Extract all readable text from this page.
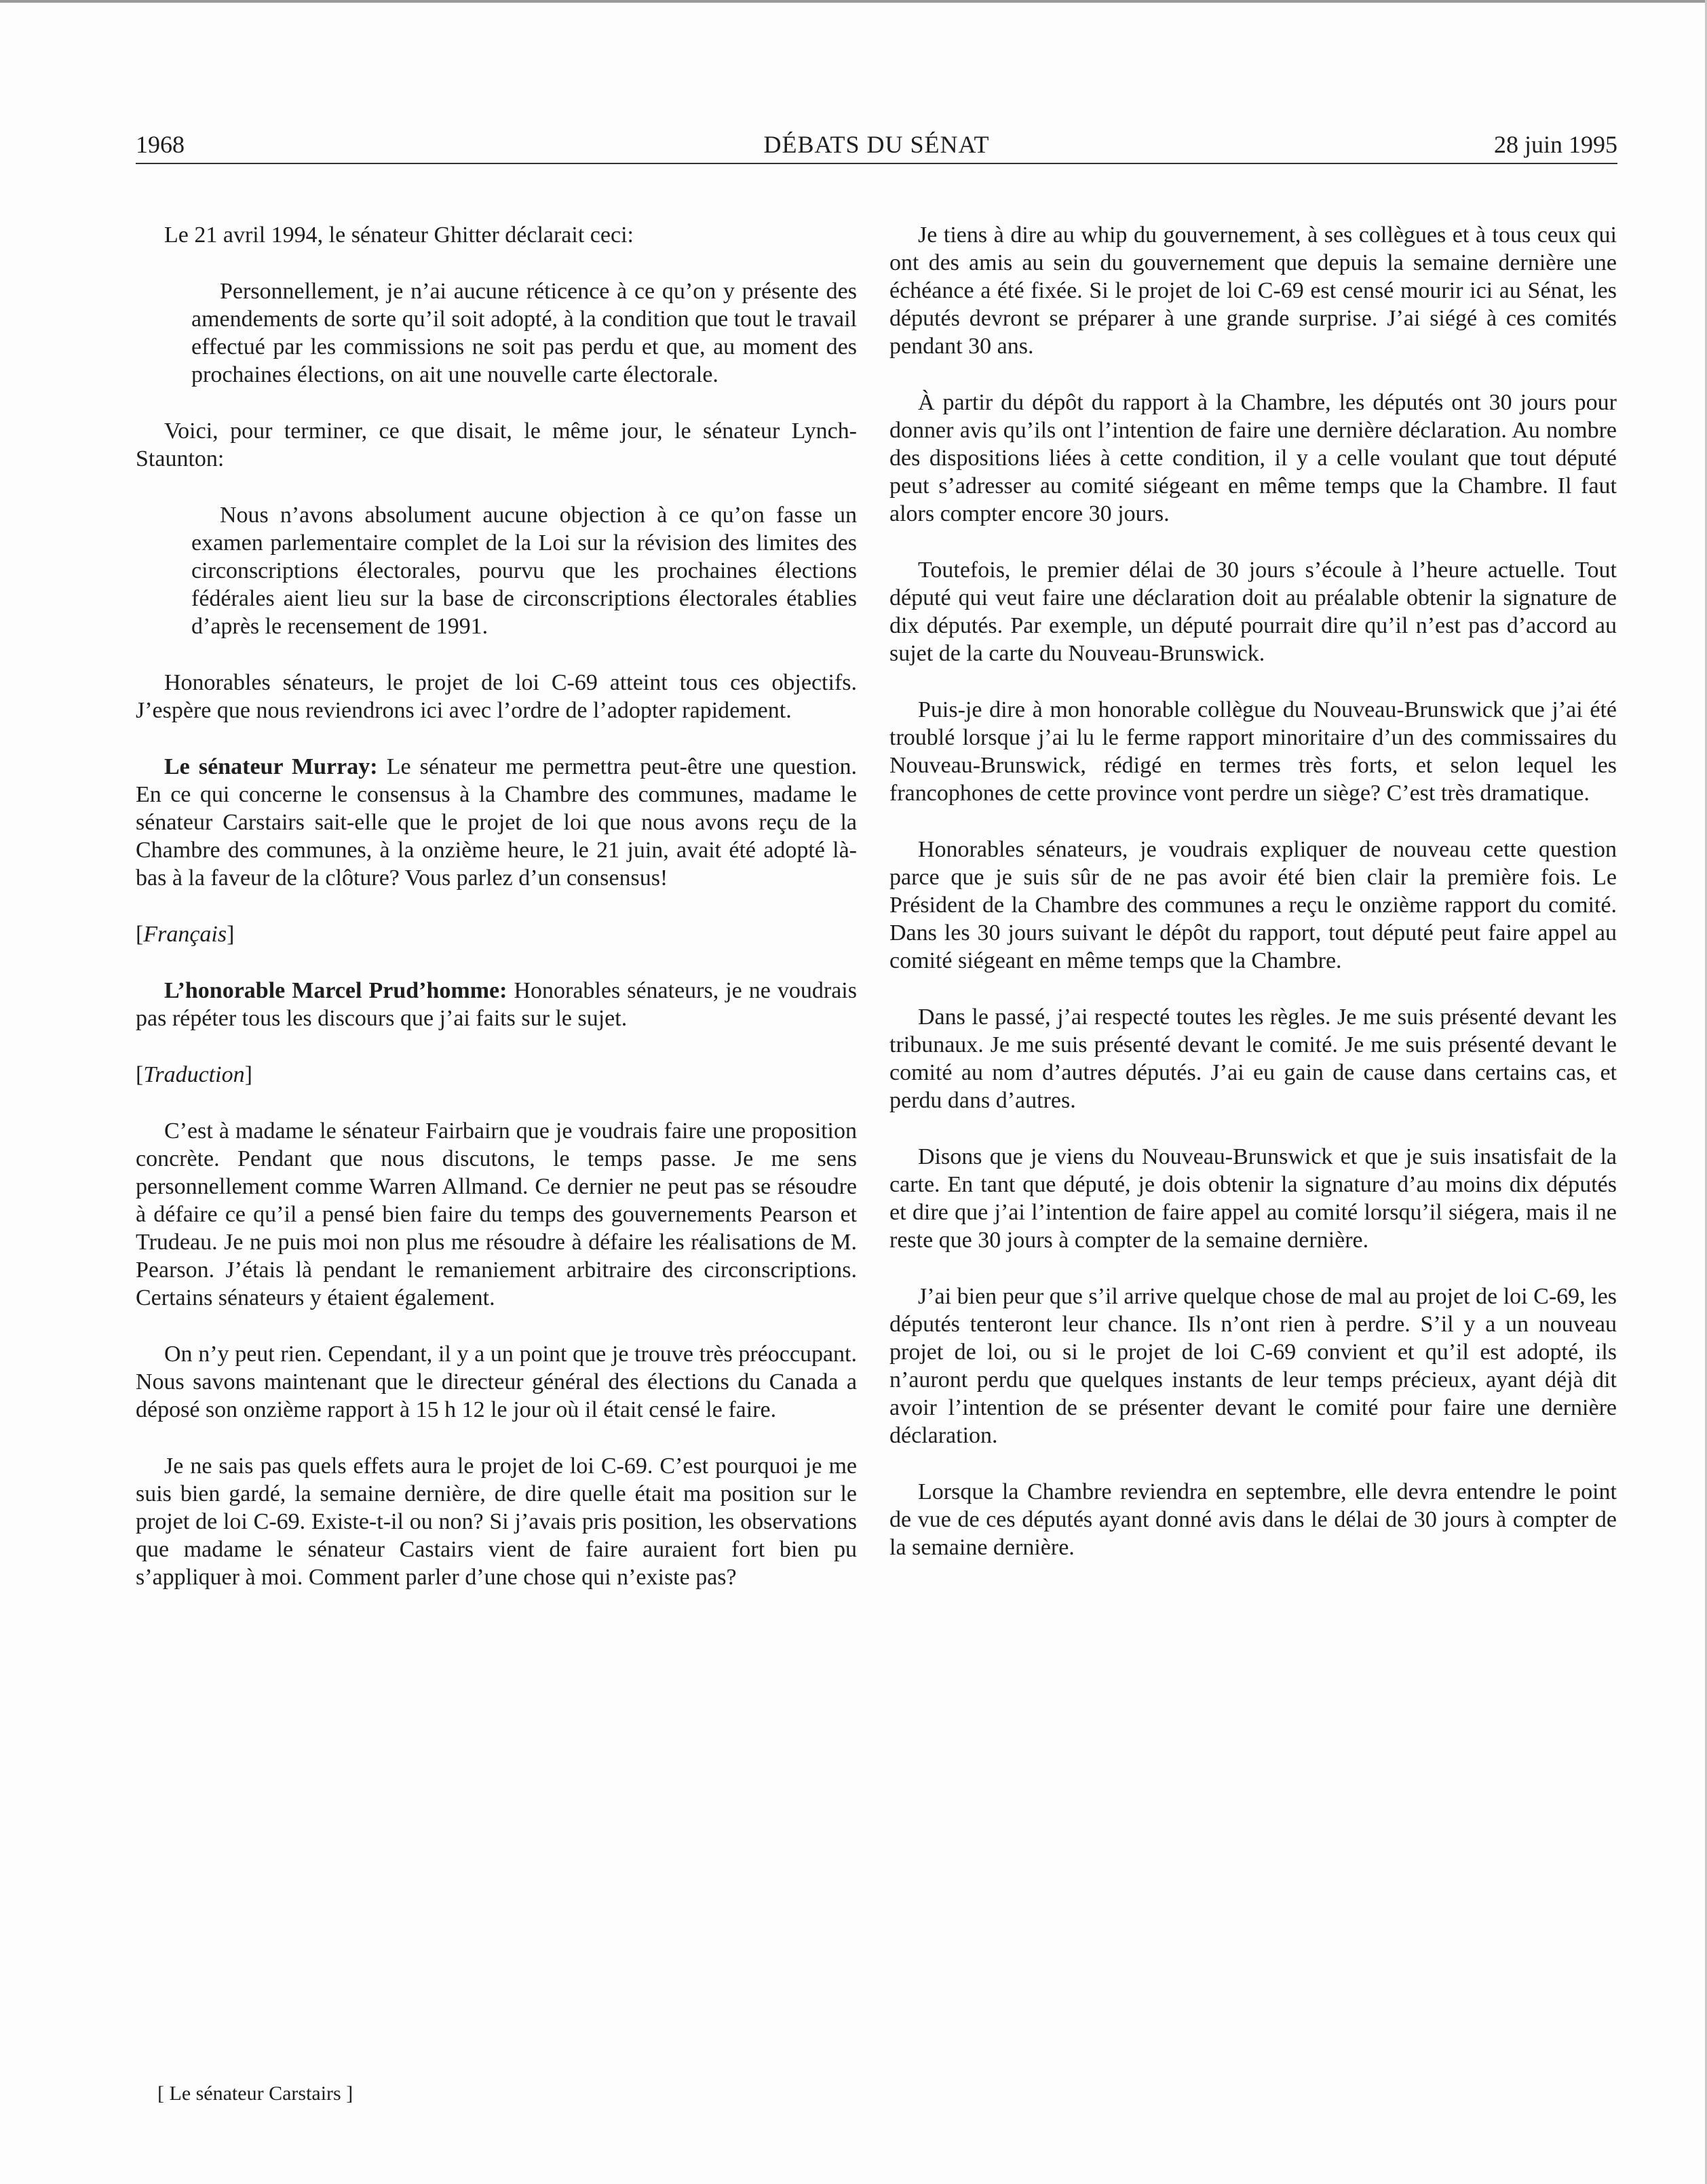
1968	DÉBATS DU SÉNAT	28 juin 1995

Le 21 avril 1994, le sénateur Ghitter déclarait ceci:

Personnellement, je n’ai aucune réticence à ce qu’on y présente des amendements de sorte qu’il soit adopté, à la condition que tout le travail effectué par les commissions ne soit pas perdu et que, au moment des prochaines élections, on ait une nouvelle carte électorale.

Voici, pour terminer, ce que disait, le même jour, le sénateur Lynch-Staunton:

Nous n’avons absolument aucune objection à ce qu’on fasse un examen parlementaire complet de la Loi sur la révision des limites des circonscriptions électorales, pourvu que les prochaines élections fédérales aient lieu sur la base de circonscriptions électorales établies d’après le recensement de 1991.

Honorables sénateurs, le projet de loi C-69 atteint tous ces objectifs. J’espère que nous reviendrons ici avec l’ordre de l’adopter rapidement.

Le sénateur Murray: Le sénateur me permettra peut-être une question. En ce qui concerne le consensus à la Chambre des communes, madame le sénateur Carstairs sait-elle que le projet de loi que nous avons reçu de la Chambre des communes, à la onzième heure, le 21 juin, avait été adopté là-bas à la faveur de la clôture? Vous parlez d’un consensus!

[Français]

L’honorable Marcel Prud’homme: Honorables sénateurs, je ne voudrais pas répéter tous les discours que j’ai faits sur le sujet.

[Traduction]

C’est à madame le sénateur Fairbairn que je voudrais faire une proposition concrète. Pendant que nous discutons, le temps passe. Je me sens personnellement comme Warren Allmand. Ce dernier ne peut pas se résoudre à défaire ce qu’il a pensé bien faire du temps des gouvernements Pearson et Trudeau. Je ne puis moi non plus me résoudre à défaire les réalisations de M. Pearson. J’étais là pendant le remaniement arbitraire des circonscriptions. Certains sénateurs y étaient également.

On n’y peut rien. Cependant, il y a un point que je trouve très préoccupant. Nous savons maintenant que le directeur général des élections du Canada a déposé son onzième rapport à 15 h 12 le jour où il était censé le faire.

Je ne sais pas quels effets aura le projet de loi C-69. C’est pourquoi je me suis bien gardé, la semaine dernière, de dire quelle était ma position sur le projet de loi C-69. Existe-t-il ou non? Si j’avais pris position, les observations que madame le sénateur Castairs vient de faire auraient fort bien pu s’appliquer à moi. Comment parler d’une chose qui n’existe pas?

Je tiens à dire au whip du gouvernement, à ses collègues et à tous ceux qui ont des amis au sein du gouvernement que depuis la semaine dernière une échéance a été fixée. Si le projet de loi C-69 est censé mourir ici au Sénat, les députés devront se préparer à une grande surprise. J’ai siégé à ces comités pendant 30 ans.

À partir du dépôt du rapport à la Chambre, les députés ont 30 jours pour donner avis qu’ils ont l’intention de faire une dernière déclaration. Au nombre des dispositions liées à cette condition, il y a celle voulant que tout député peut s’adresser au comité siégeant en même temps que la Chambre. Il faut alors compter encore 30 jours.

Toutefois, le premier délai de 30 jours s’écoule à l’heure actuelle. Tout député qui veut faire une déclaration doit au préalable obtenir la signature de dix députés. Par exemple, un député pourrait dire qu’il n’est pas d’accord au sujet de la carte du Nouveau-Brunswick.

Puis-je dire à mon honorable collègue du Nouveau-Brunswick que j’ai été troublé lorsque j’ai lu le ferme rapport minoritaire d’un des commissaires du Nouveau-Brunswick, rédigé en termes très forts, et selon lequel les francophones de cette province vont perdre un siège? C’est très dramatique.

Honorables sénateurs, je voudrais expliquer de nouveau cette question parce que je suis sûr de ne pas avoir été bien clair la première fois. Le Président de la Chambre des communes a reçu le onzième rapport du comité. Dans les 30 jours suivant le dépôt du rapport, tout député peut faire appel au comité siégeant en même temps que la Chambre.

Dans le passé, j’ai respecté toutes les règles. Je me suis présenté devant les tribunaux. Je me suis présenté devant le comité. Je me suis présenté devant le comité au nom d’autres députés. J’ai eu gain de cause dans certains cas, et perdu dans d’autres.

Disons que je viens du Nouveau-Brunswick et que je suis insatisfait de la carte. En tant que député, je dois obtenir la signature d’au moins dix députés et dire que j’ai l’intention de faire appel au comité lorsqu’il siégera, mais il ne reste que 30 jours à compter de la semaine dernière.

J’ai bien peur que s’il arrive quelque chose de mal au projet de loi C-69, les députés tenteront leur chance. Ils n’ont rien à perdre. S’il y a un nouveau projet de loi, ou si le projet de loi C-69 convient et qu’il est adopté, ils n’auront perdu que quelques instants de leur temps précieux, ayant déjà dit avoir l’intention de se présenter devant le comité pour faire une dernière déclaration.

Lorsque la Chambre reviendra en septembre, elle devra entendre le point de vue de ces députés ayant donné avis dans le délai de 30 jours à compter de la semaine dernière.

[ Le sénateur Carstairs ]
